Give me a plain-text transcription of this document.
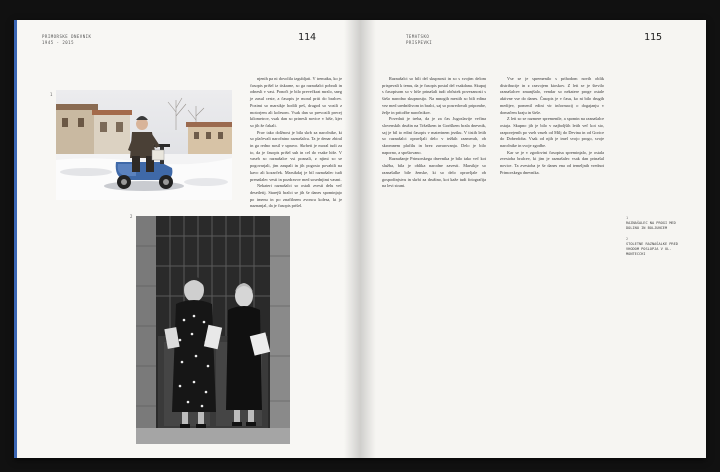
PRIMORSKE DNEVNIK
1945 - 2015	114
1
2

njenih pa ni dovolila izgubljati. V trenutku, ko je časopis prišel iz tiskarne, so ga raznašalci pobrali in odnesli v vasi. Ponoči je bilo prevečkrat mrzlo, sneg je zasul ceste, a časopis je moral priti do bralcev. Pozimi so marsikje hodili peš, drugod so vozili z motorjem ali kolesom. Vsak dan so prevozili precej kilometrov, vsak dan so prinesli novice v hiše, kjer so jih že čakali.

Prav tako dolžnost je bila skrb za naročnike, ki so plačevali naročnino raznašalcu. Ta je denar zbiral in ga redno nosil v upravo. Skrbeti je moral tudi za to, da je časopis prišel suh in cel do vsake hiše. V vaseh so raznašalce vsi poznali, z njimi so se pogovarjali, jim zaupali in jih pogosto povabili na kavo ali kozarček. Marsikdaj je bil raznašalec tudi prenašalec vesti in pozdravov med sosednjimi vasmi.

Nekateri raznašalci so ostali zvesti delu več desetletij. Starejši bralci se jih še danes spominjajo po imenu in po značilnem zvoncu kolesa, ki je naznanjal, da je časopis prišel.

TEMATSKO
PRISPEVKI	115

Raznašalci so bili del skupnosti in so s svojim delom prispevali k temu, da je časopis postal del vsakdana. Skupaj s časopisom so v hiše prinašali tudi občutek povezanosti s širšo narodno skupnostjo. Na mnogih mestih so bili edina vez med uredništvom in bralci, saj so posredovali pripombe, želje in pritožbe naročnikov.

Povedati je treba, da je za čas Jugoslavije večina slovenskih družin na Tržaškem in Goriškem brala dnevnik, saj je bil to edini časopis v materinem jeziku. V tistih letih so raznašalci opravljali delo v težkih razmerah, ob skromnem plačilu in brez zavarovanja. Delo je bilo naporno, a spoštovano.

Raznašanje Primorskega dnevnika je bilo tako več kot služba, bila je oblika narodne zavesti. Marsikje so raznašalke bile ženske, ki so delo opravljale ob gospodinjstvu in skrbi za družino, kot kaže tudi fotografija na levi strani.

Vse se je spremenilo s prihodom novih oblik distribucije in z razvojem kioskov. Z leti se je število raznašalcev zmanjšalo, vendar so nekatere proge ostale aktivne vse do danes. Časopis je v času, ko ni bilo drugih medijev, pomenil edini vir informacij o dogajanju v domačem kraju in širše.

Z leti so se razmere spremenile, a spomin na raznašalce ostaja. Skupno jih je bilo v najboljših letih več kot sto, razporejenih po vseh vaseh od Milj do Devina in od Gorice do Doberdoba. Vsak od njih je imel svojo progo, svoje naročnike in svoje zgodbe.

Kar se je v zgodovini časopisa spreminjalo, je ostala zvestoba bralcev, ki jim je raznašalec vsak dan prinašal novice. Ta zvestoba je še danes ena od temeljnih vrednot Primorskega dnevnika.

1
RAZNAŠALEC NA PROGI MED DOLINO IN BOLJUNCEM
2
STOLETNE RAZNAŠALKE PRED VHODOM POSLOPJA V UL. MONTECCHI
